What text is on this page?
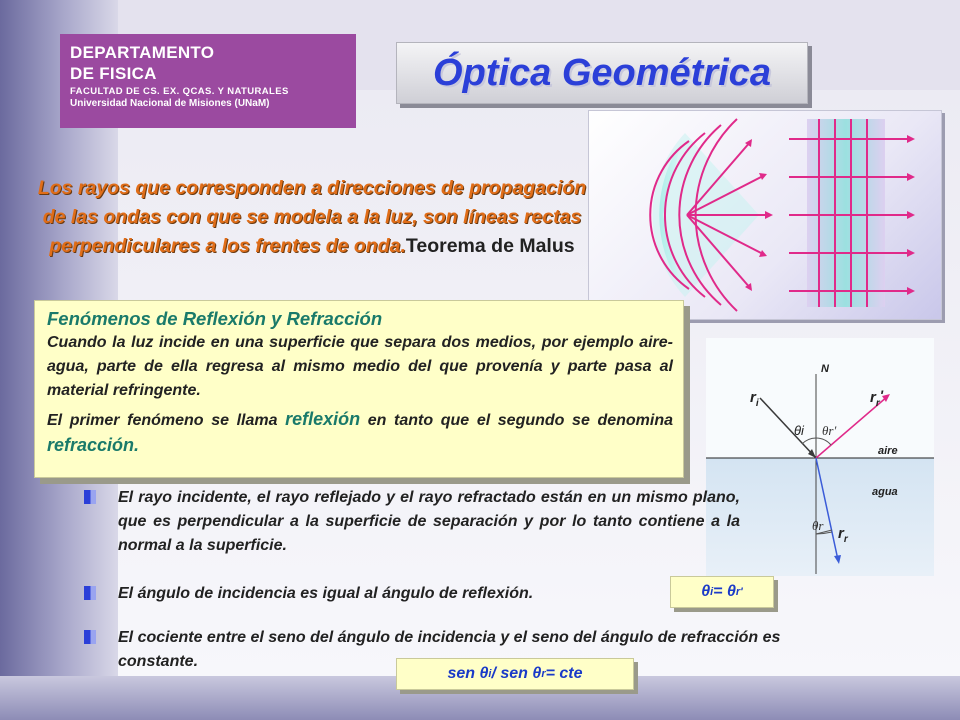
DEPARTAMENTO
DE FISICA
FACULTAD DE CS. EX. QCAS. Y NATURALES
Universidad Nacional de Misiones (UNaM)
Óptica Geométrica
Los rayos que corresponden a direcciones de propagación de las ondas con que se modela a la luz, son líneas rectas perpendiculares a los frentes de onda.Teorema de Malus
Fenómenos de Reflexión y Refracción

Cuando la luz incide en una superficie que separa dos medios, por ejemplo aire-agua, parte de ella regresa al mismo medio del que provenía y parte pasa al material refringente.

El primer fenómeno se llama reflexión en tanto que el segundo se denomina refracción.

N
$r_i$	$r_r'$
θi θr'
aire
agua
θr $r_r$
El rayo incidente, el rayo reflejado y el rayo refractado están en un mismo plano, que es perpendicular a la superficie de separación y por lo tanto contiene a la normal a la superficie.
El ángulo de incidencia es igual al ángulo de reflexión.	θ i = θ r '
El cociente entre el seno del ángulo de incidencia y el seno del ángulo de refracción es constante.
sen θ i / sen θ r = cte
